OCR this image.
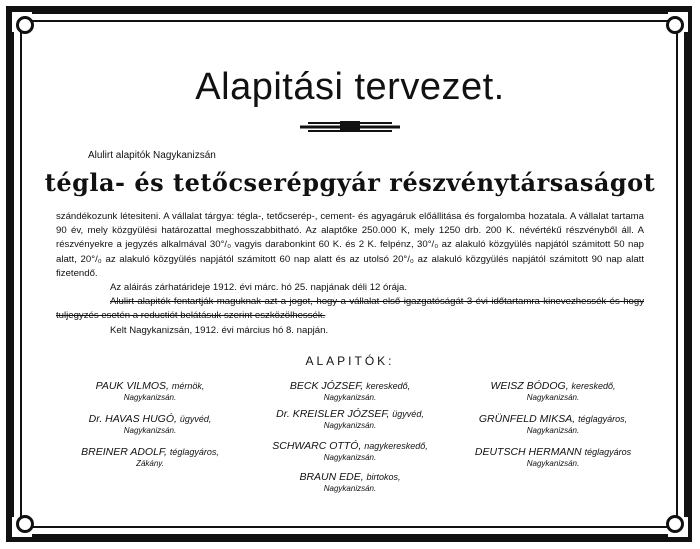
Alapitási tervezet.
Alulirt alapitók Nagykanizsán
tégla- és tetőcserépgyár részvénytársaságot

szándékozunk létesiteni. A vállalat tárgya: tégla-, tetőcserép-, cement- és agyagáruk előállitása és forgalomba hozatala. A vállalat tartama 90 év, mely közgyülési határozattal meghosszabbitható. Az alaptőke 250.000 K, mely 1250 drb. 200 K. névértékű részvényből áll. A részvényekre a jegyzés alkalmával 30°/₀ vagyis darabonkint 60 K. és 2 K. felpénz, 30°/₀ az alakuló közgyülés napjától számitott 50 nap alatt, 20°/₀ az alakuló közgyülés napjától számitott 60 nap alatt és az utolsó 20°/₀ az alakuló közgyülés napjától számitott 90 nap alatt fizetendő.

Az aláirás zárhatárideje 1912. évi márc. hó 25. napjának déli 12 órája.

Alulirt alapitók fentartják maguknak azt a jogot, hogy a vállalat első igazgatóságát 3 évi időtartamra kinevezhessék és hogy tuljegyzés esetén a reductiót belátásuk szerint eszközölhessék.

Kelt Nagykanizsán, 1912. évi március hó 8. napján.

ALAPITÓK:
PAUK VILMOS, mérnök,
Nagykanizsán.
Dr. HAVAS HUGÓ, ügyvéd,
Nagykanizsán.
BREINER ADOLF, téglagyáros,
Zákány.
BECK JÓZSEF, kereskedő,
Nagykanizsán.
Dr. KREISLER JÓZSEF, ügyvéd,
Nagykanizsán.
SCHWARC OTTÓ, nagykereskedő,
Nagykanizsán.
BRAUN EDE, birtokos,
Nagykanizsán.
WEISZ BÓDOG, kereskedő,
Nagykanizsán.
GRÜNFELD MIKSA, téglagyáros,
Nagykanizsán.
DEUTSCH HERMANN téglagyáros
Nagykanizsán.
